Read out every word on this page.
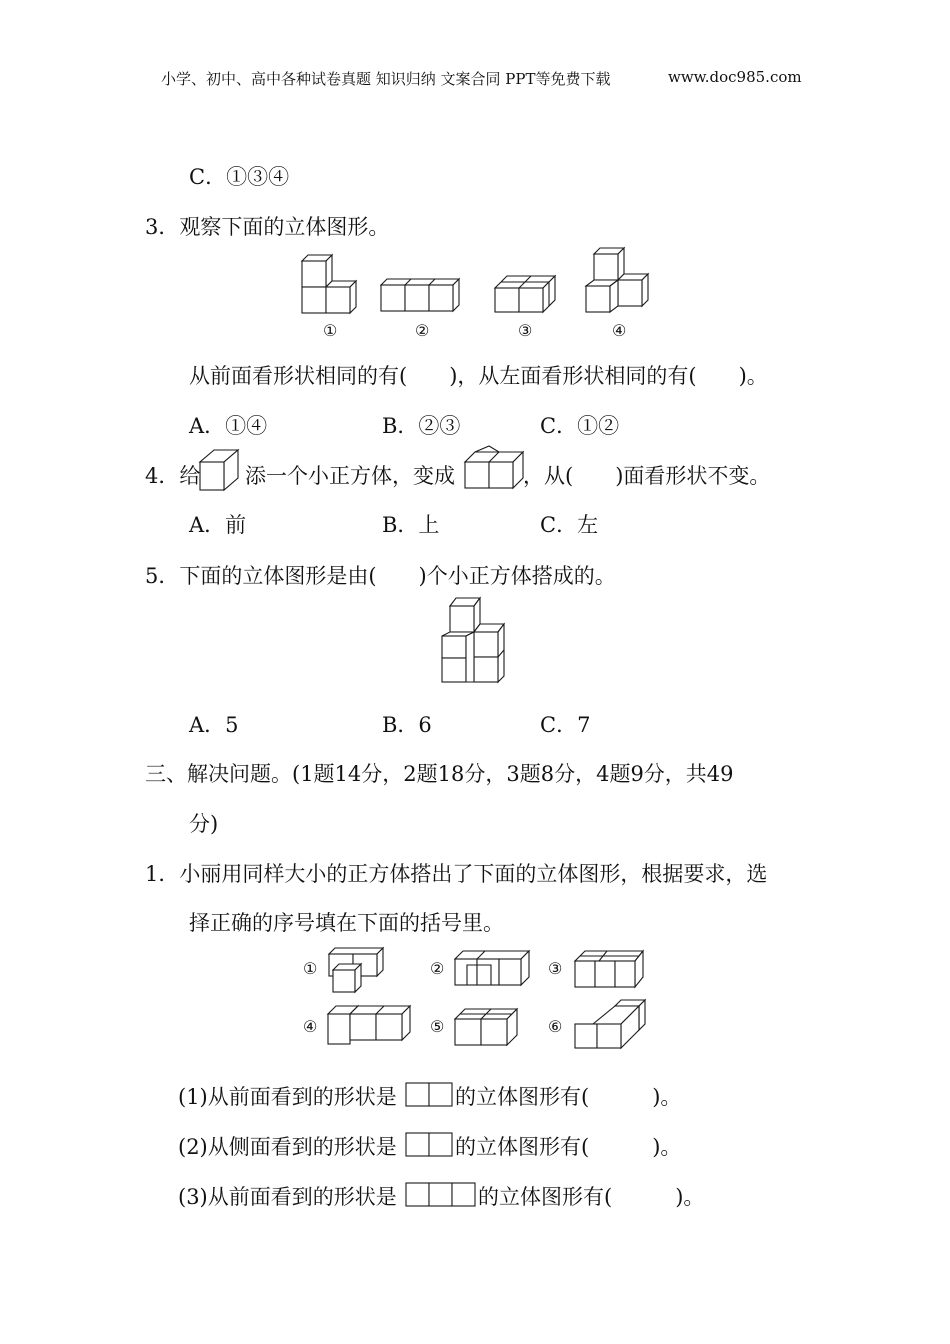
小学、初中、高中各种试卷真题 知识归纳 文案合同 PPT等免费下载	www.doc985.com
C．①③④
3．观察下面的立体图形。
①	②	③	④
从前面看形状相同的有(　　)，从左面看形状相同的有(　　)。
A．①④	B．②③	C．①②
4．给 添一个小正方体，变成	，从(　　)面看形状不变。
A．前	B．上	C．左
5．下面的立体图形是由(　　)个小正方体搭成的。
A．5	B．6	C．7
三、解决问题。(1题14分，2题18分，3题8分，4题9分，共49
分)
1．小丽用同样大小的正方体搭出了下面的立体图形，根据要求，选
择正确的序号填在下面的括号里。
①	②	③
④	⑤	⑥
(1)从前面看到的形状是	的立体图形有(　　　)。
(2)从侧面看到的形状是	的立体图形有(　　　)。
(3)从前面看到的形状是	的立体图形有(　　　)。
